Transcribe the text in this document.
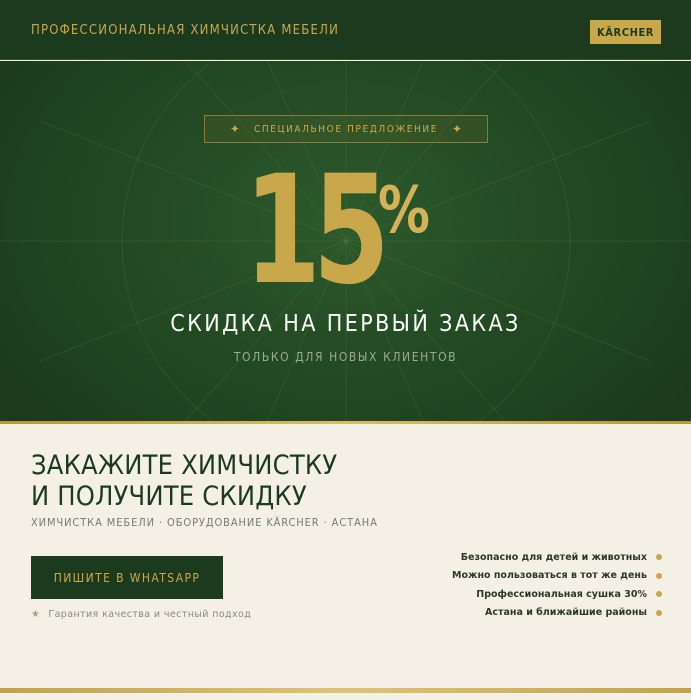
ПРОФЕССИОНАЛЬНАЯ ХИМЧИСТКА МЕБЕЛИ	KÄRCHER
✦ СПЕЦИАЛЬНОЕ ПРЕДЛОЖЕНИЕ ✦
15
%
СКИДКА НА ПЕРВЫЙ ЗАКАЗ
ТОЛЬКО ДЛЯ НОВЫХ КЛИЕНТОВ
ЗАКАЖИТЕ ХИМЧИСТКУ
И ПОЛУЧИТЕ СКИДКУ
ХИМЧИСТКА МЕБЕЛИ · ОБОРУДОВАНИЕ KÄRCHER · АСТАНА
ПИШИТЕ В WHATSAPP
★ Гарантия качества и честный подход
Безопасно для детей и животных
Можно пользоваться в тот же день
Профессиональная сушка 30%
Астана и ближайшие районы
